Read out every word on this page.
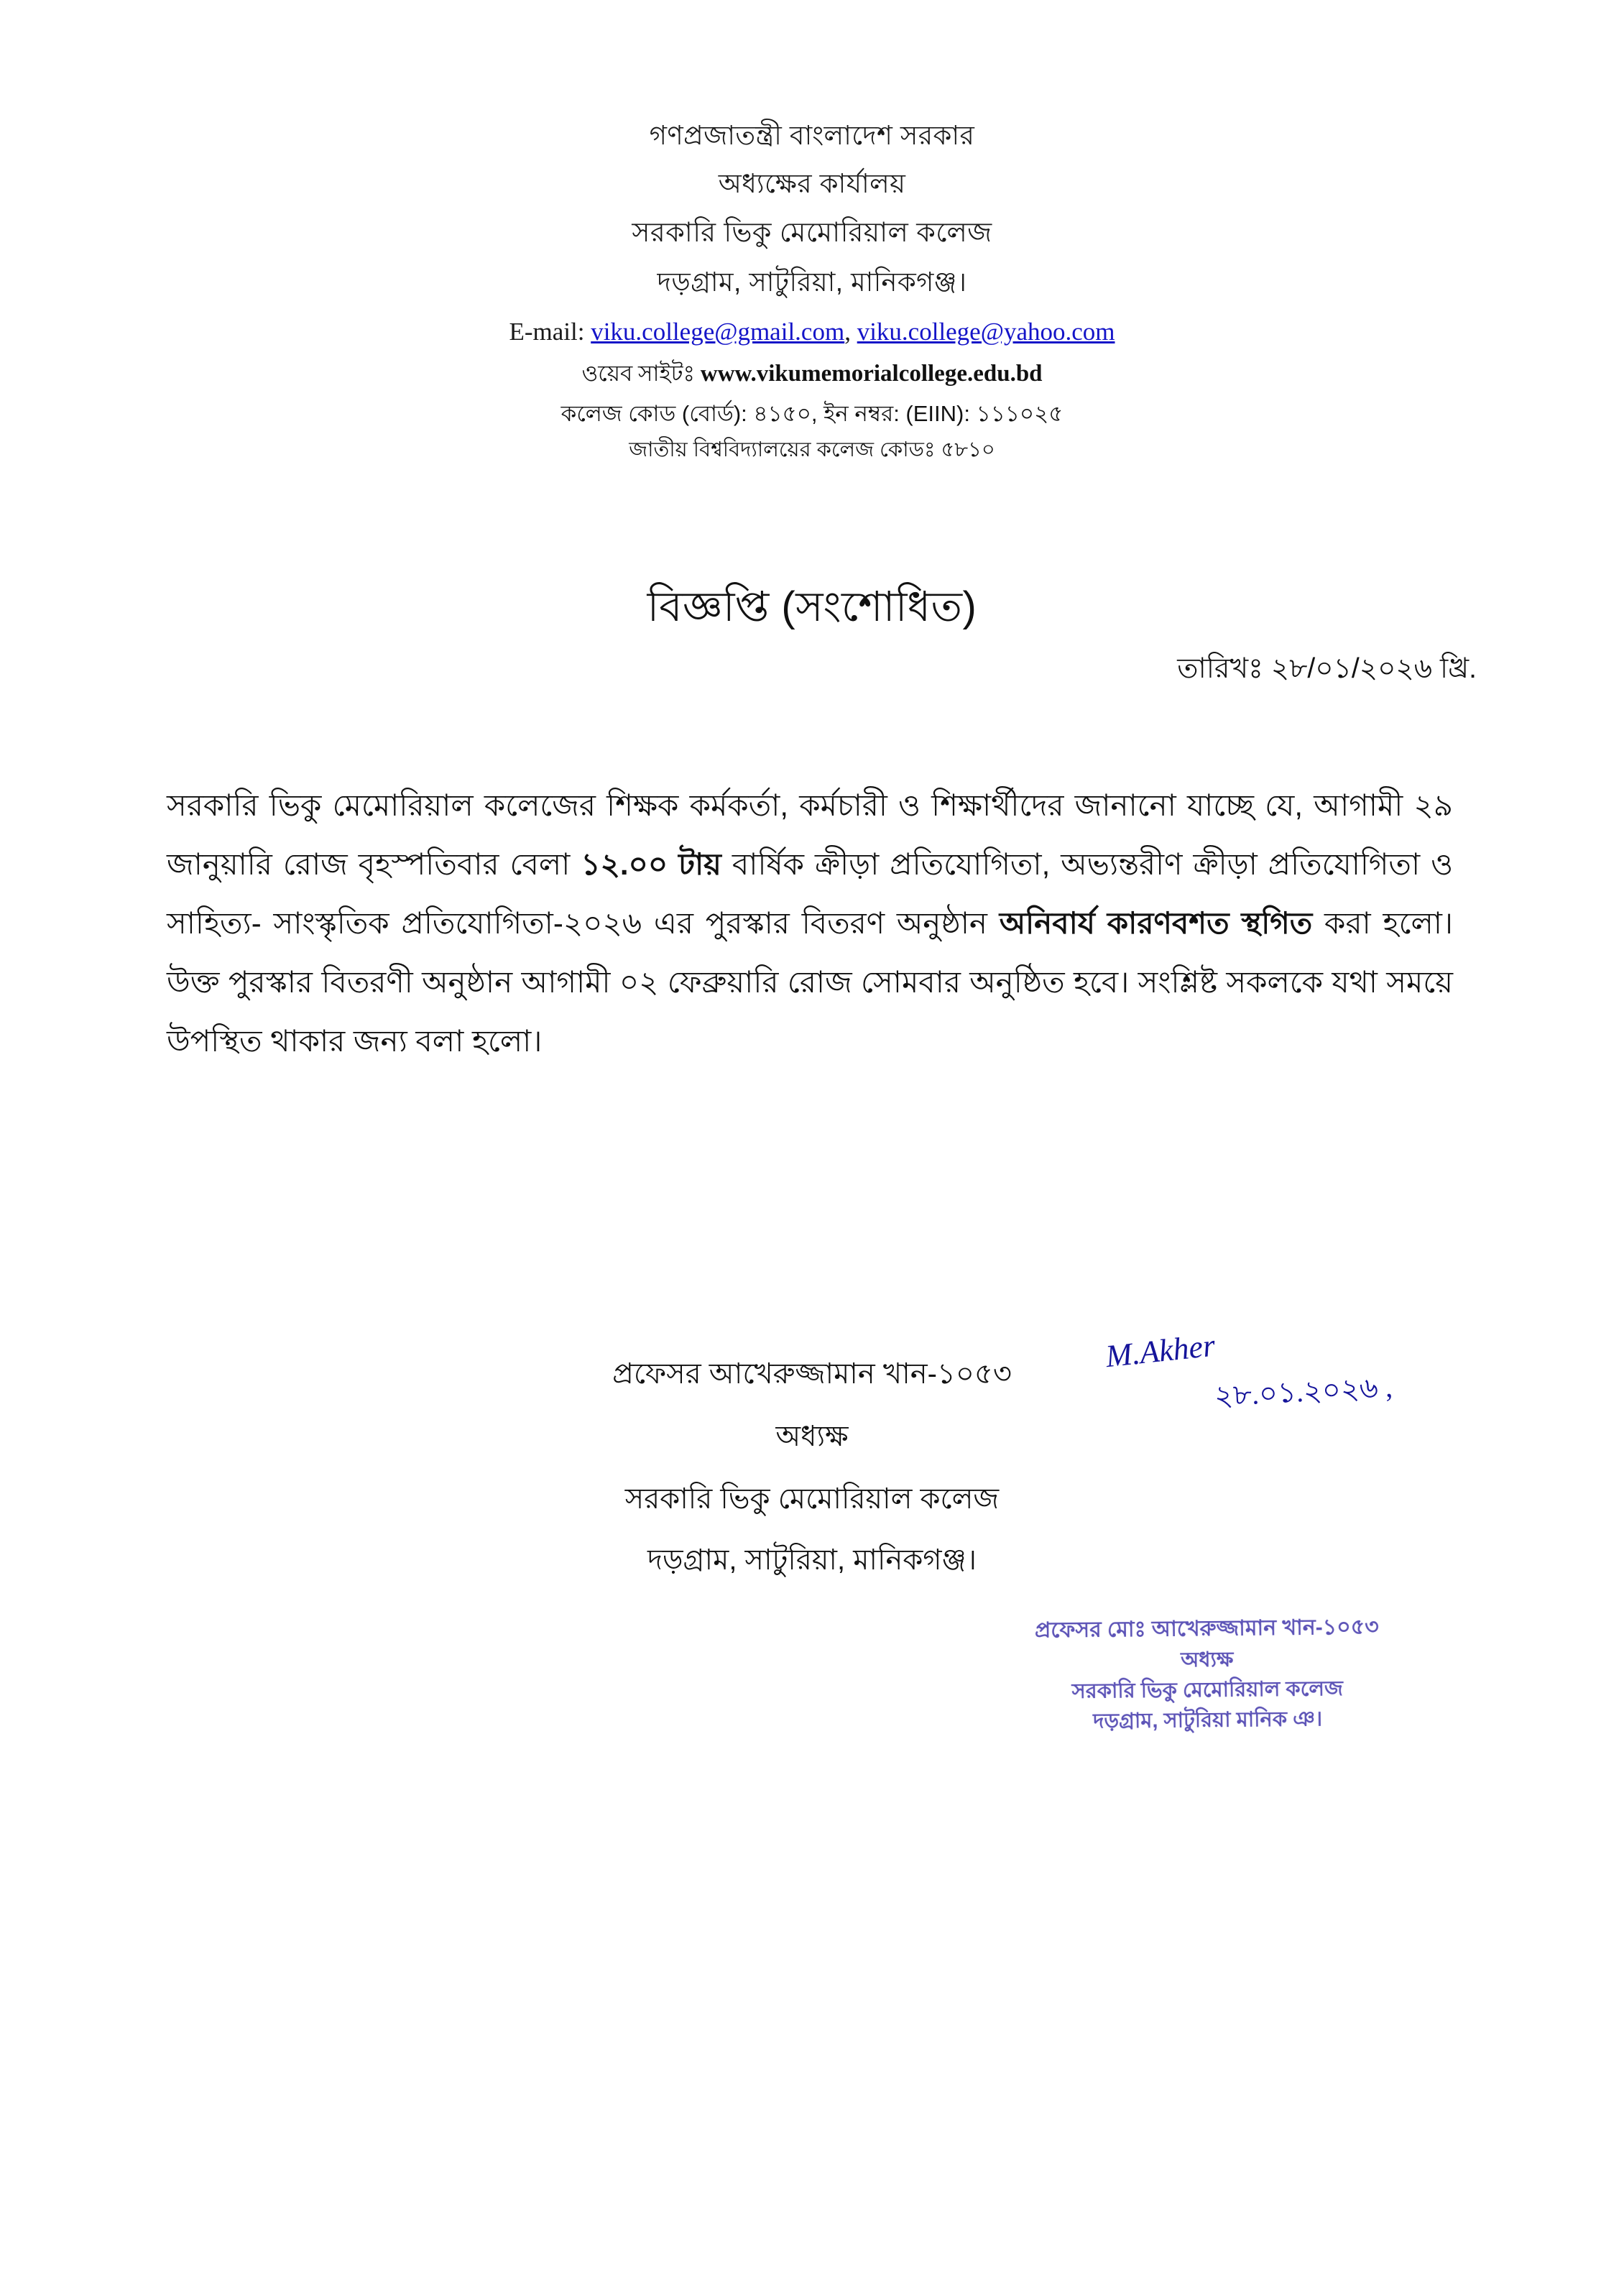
গণপ্রজাতন্ত্রী বাংলাদেশ সরকার
অধ্যক্ষের কার্যালয়
সরকারি ভিকু মেমোরিয়াল কলেজ
দড়গ্রাম, সাটুরিয়া, মানিকগঞ্জ।
E-mail: viku.college@gmail.com, viku.college@yahoo.com
ওয়েব সাইটঃ www.vikumemorialcollege.edu.bd
কলেজ কোড (বোর্ড): ৪১৫০, ইন নম্বর: (EIIN): ১১১০২৫
জাতীয় বিশ্ববিদ্যালয়ের কলেজ কোডঃ ৫৮১০
বিজ্ঞপ্তি (সংশোধিত)
তারিখঃ ২৮/০১/২০২৬ খ্রি.
সরকারি ভিকু মেমোরিয়াল কলেজের শিক্ষক কর্মকর্তা, কর্মচারী ও শিক্ষার্থীদের জানানো যাচ্ছে যে, আগামী ২৯ জানুয়ারি রোজ বৃহস্পতিবার বেলা ১২.০০ টায় বার্ষিক ক্রীড়া প্রতিযোগিতা, অভ্যন্তরীণ ক্রীড়া প্রতিযোগিতা ও সাহিত্য- সাংস্কৃতিক প্রতিযোগিতা-২০২৬ এর পুরস্কার বিতরণ অনুষ্ঠান অনিবার্য কারণবশত স্থগিত করা হলো। উক্ত পুরস্কার বিতরণী অনুষ্ঠান আগামী ০২ ফেব্রুয়ারি রোজ সোমবার অনুষ্ঠিত হবে। সংশ্লিষ্ট সকলকে যথা সময়ে উপস্থিত থাকার জন্য বলা হলো।
M.Akher
২৮.০১.২০২৬ ,
প্রফেসর আখেরুজ্জামান খান-১০৫৩
অধ্যক্ষ
সরকারি ভিকু মেমোরিয়াল কলেজ
দড়গ্রাম, সাটুরিয়া, মানিকগঞ্জ।
প্রফেসর মোঃ আখেরুজ্জামান খান-১০৫৩
অধ্যক্ষ
সরকারি ভিকু মেমোরিয়াল কলেজ
দড়গ্রাম, সাটুরিয়া মানিক ঞ।
